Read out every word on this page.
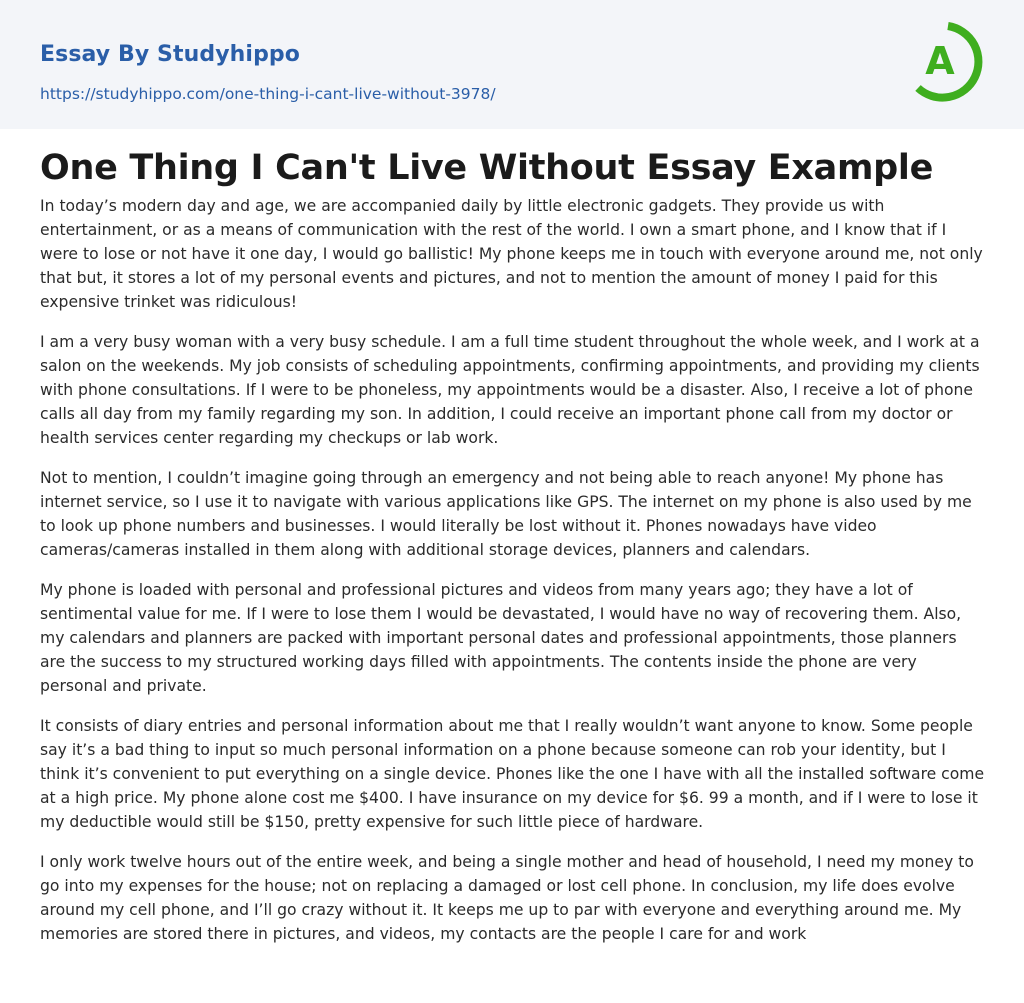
Essay By Studyhippo
https://studyhippo.com/one-thing-i-cant-live-without-3978/
A
One Thing I Can't Live Without Essay Example

In today’s modern day and age, we are accompanied daily by little electronic gadgets. They provide us with entertainment, or as a means of communication with the rest of the world. I own a smart phone, and I know that if I were to lose or not have it one day, I would go ballistic! My phone keeps me in touch with everyone around me, not only that but, it stores a lot of my personal events and pictures, and not to mention the amount of money I paid for this expensive trinket was ridiculous!

I am a very busy woman with a very busy schedule. I am a full time student throughout the whole week, and I work at a salon on the weekends. My job consists of scheduling appointments, confirming appointments, and providing my clients with phone consultations. If I were to be phoneless, my appointments would be a disaster. Also, I receive a lot of phone calls all day from my family regarding my son. In addition, I could receive an important phone call from my doctor or health services center regarding my checkups or lab work.

Not to mention, I couldn’t imagine going through an emergency and not being able to reach anyone! My phone has internet service, so I use it to navigate with various applications like GPS. The internet on my phone is also used by me to look up phone numbers and businesses. I would literally be lost without it. Phones nowadays have video cameras/cameras installed in them along with additional storage devices, planners and calendars.

My phone is loaded with personal and professional pictures and videos from many years ago; they have a lot of sentimental value for me. If I were to lose them I would be devastated, I would have no way of recovering them. Also, my calendars and planners are packed with important personal dates and professional appointments, those planners are the success to my structured working days filled with appointments. The contents inside the phone are very personal and private.

It consists of diary entries and personal information about me that I really wouldn’t want anyone to know. Some people say it’s a bad thing to input so much personal information on a phone because someone can rob your identity, but I think it’s convenient to put everything on a single device. Phones like the one I have with all the installed software come at a high price. My phone alone cost me $400. I have insurance on my device for $6. 99 a month, and if I were to lose it my deductible would still be $150, pretty expensive for such little piece of hardware.

I only work twelve hours out of the entire week, and being a single mother and head of household, I need my money to go into my expenses for the house; not on replacing a damaged or lost cell phone. In conclusion, my life does evolve around my cell phone, and I’ll go crazy without it. It keeps me up to par with everyone and everything around me. My memories are stored there in pictures, and videos, my contacts are the people I care for and work
